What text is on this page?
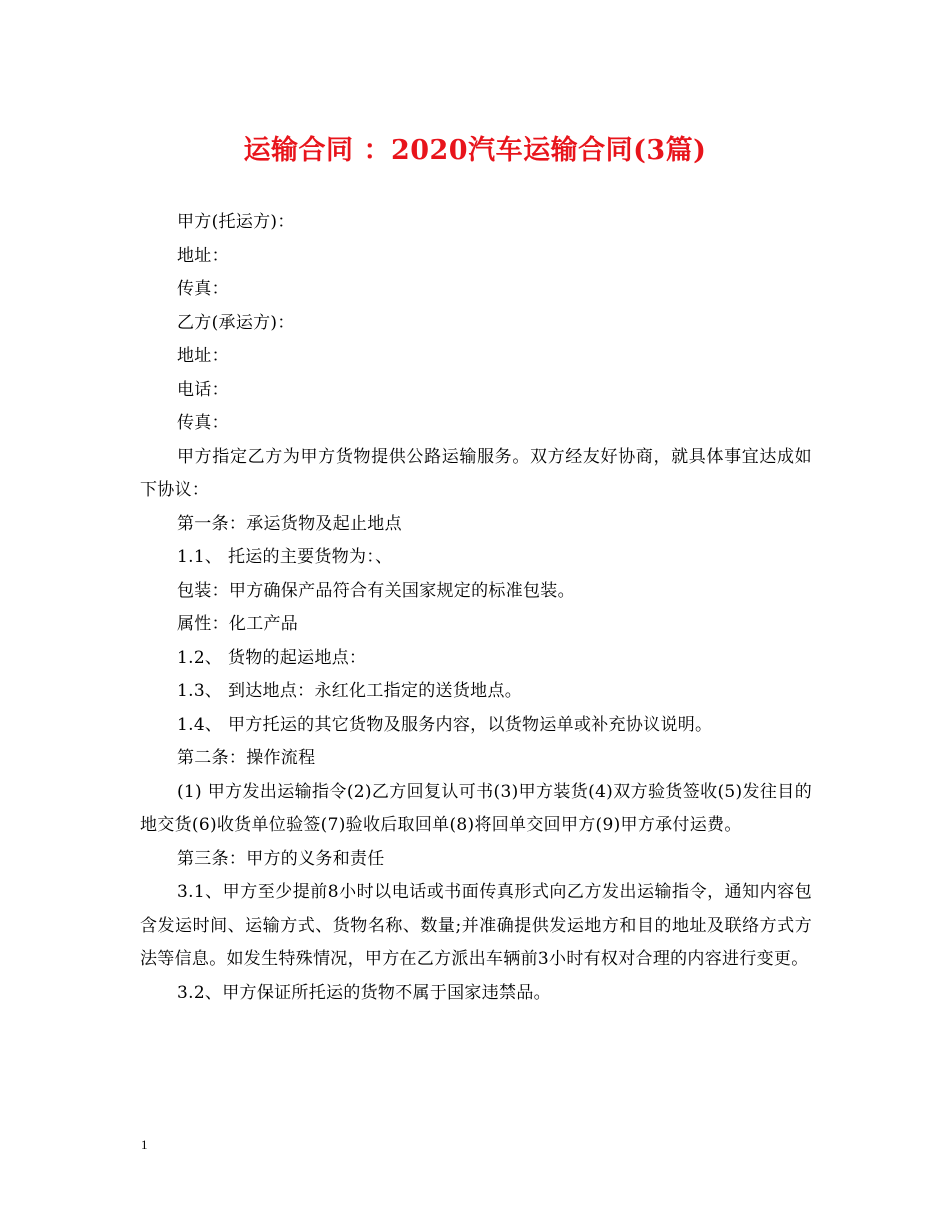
运输合同 ：2020汽车运输合同(3篇)

甲方(托运方)：

地址：

传真：

乙方(承运方)：

地址：

电话：

传真：

甲方指定乙方为甲方货物提供公路运输服务。双方经友好协商，就具体事宜达成如下协议：

第一条：承运货物及起止地点

1.1、 托运的主要货物为：、

包装：甲方确保产品符合有关国家规定的标准包装。

属性：化工产品

1.2、 货物的起运地点：

1.3、 到达地点：永红化工指定的送货地点。

1.4、 甲方托运的其它货物及服务内容，以货物运单或补充协议说明。

第二条：操作流程

(1) 甲方发出运输指令(2)乙方回复认可书(3)甲方装货(4)双方验货签收(5)发往目的地交货(6)收货单位验签(7)验收后取回单(8)将回单交回甲方(9)甲方承付运费。

第三条：甲方的义务和责任

3.1、甲方至少提前8小时以电话或书面传真形式向乙方发出运输指令，通知内容包含发运时间、运输方式、货物名称、数量;并准确提供发运地方和目的地址及联络方式方法等信息。如发生特殊情况，甲方在乙方派出车辆前3小时有权对合理的内容进行变更。

3.2、甲方保证所托运的货物不属于国家违禁品。

1
